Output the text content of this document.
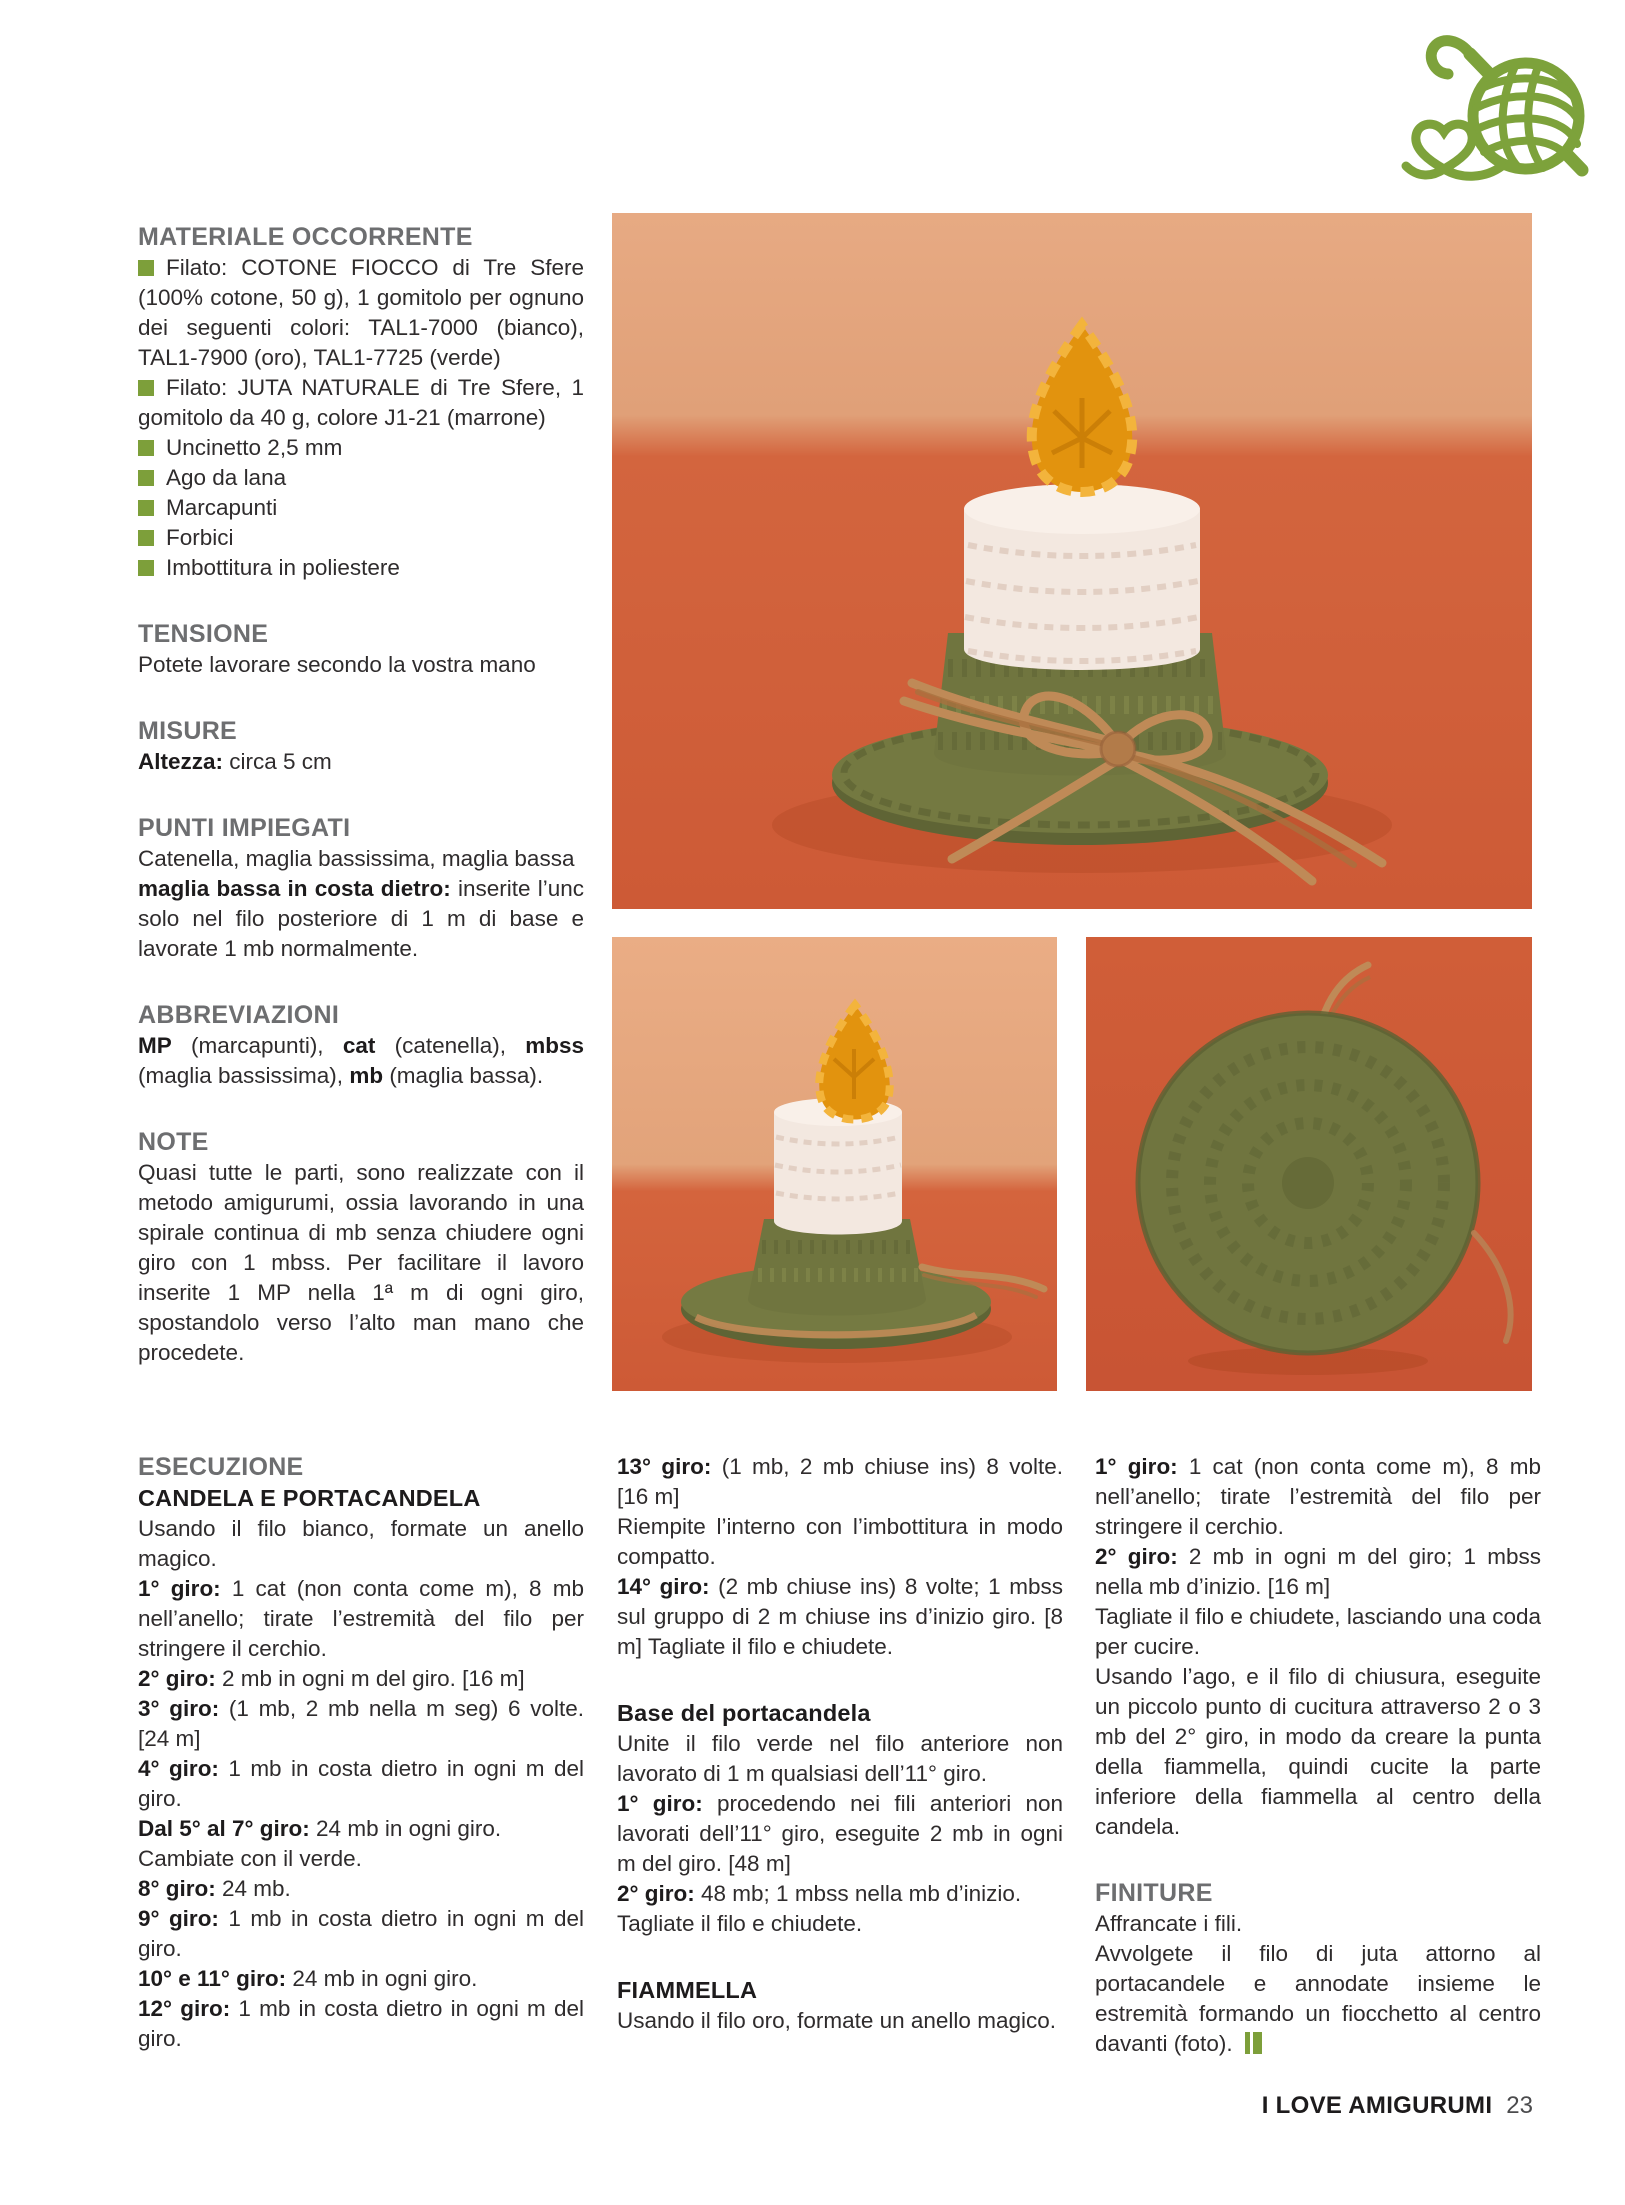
MATERIALE OCCORRENTE
Filato: COTONE FIOCCO di Tre Sfere (100% cotone, 50 g), 1 gomitolo per ognuno dei seguenti colori: TAL1-7000 (bianco), TAL1-7900 (oro), TAL1-7725 (verde)
Filato: JUTA NATURALE di Tre Sfere, 1 gomitolo da 40 g, colore J1-21 (marrone)
Uncinetto 2,5 mm
Ago da lana
Marcapunti
Forbici
Imbottitura in poliestere
TENSIONE
Potete lavorare secondo la vostra mano
MISURE
Altezza: circa 5 cm
PUNTI IMPIEGATI
Catenella, maglia bassissima, maglia bassa
maglia bassa in costa dietro: inserite l’unc solo nel filo posteriore di 1 m di base e lavorate 1 mb normalmente.
ABBREVIAZIONI
MP (marcapunti), cat (catenella), mbss (maglia bassissima), mb (maglia bassa).
NOTE
Quasi tutte le parti, sono realizzate con il metodo amigurumi, ossia lavorando in una spirale continua di mb senza chiudere ogni giro con 1 mbss. Per facilitare il lavoro inserite 1 MP nella 1ª m di ogni giro, spostandolo verso l’alto man mano che procedete.
ESECUZIONE
CANDELA E PORTACANDELA
Usando il filo bianco, formate un anello magico.
1° giro: 1 cat (non conta come m), 8 mb nell’anello; tirate l’estremità del filo per stringere il cerchio.
2° giro: 2 mb in ogni m del giro. [16 m]
3° giro: (1 mb, 2 mb nella m seg) 6 volte. [24 m]
4° giro: 1 mb in costa dietro in ogni m del giro.
Dal 5° al 7° giro: 24 mb in ogni giro.
Cambiate con il verde.
8° giro: 24 mb.
9° giro: 1 mb in costa dietro in ogni m del giro.
10° e 11° giro: 24 mb in ogni giro.
12° giro: 1 mb in costa dietro in ogni m del giro.
13° giro: (1 mb, 2 mb chiuse ins) 8 volte. [16 m]
Riempite l’interno con l’imbottitura in modo compatto.
14° giro: (2 mb chiuse ins) 8 volte; 1 mbss sul gruppo di 2 m chiuse ins d’inizio giro. [8 m] Tagliate il filo e chiudete.
Base del portacandela
Unite il filo verde nel filo anteriore non lavorato di 1 m qualsiasi dell’11° giro.
1° giro: procedendo nei fili anteriori non lavorati dell’11° giro, eseguite 2 mb in ogni m del giro. [48 m]
2° giro: 48 mb; 1 mbss nella mb d’inizio.
Tagliate il filo e chiudete.
FIAMMELLA
Usando il filo oro, formate un anello magico.
1° giro: 1 cat (non conta come m), 8 mb nell’anello; tirate l’estremità del filo per stringere il cerchio.
2° giro: 2 mb in ogni m del giro; 1 mbss nella mb d’inizio. [16 m]
Tagliate il filo e chiudete, lasciando una coda per cucire.
Usando l’ago, e il filo di chiusura, eseguite un piccolo punto di cucitura attraverso 2 o 3 mb del 2° giro, in modo da creare la punta della fiammella, quindi cucite la parte inferiore della fiammella al centro della candela.
FINITURE
Affrancate i fili.
Avvolgete il filo di juta attorno al portacandele e annodate insieme le estremità formando un fiocchetto al centro davanti (foto).
I LOVE AMIGURUMI 23
